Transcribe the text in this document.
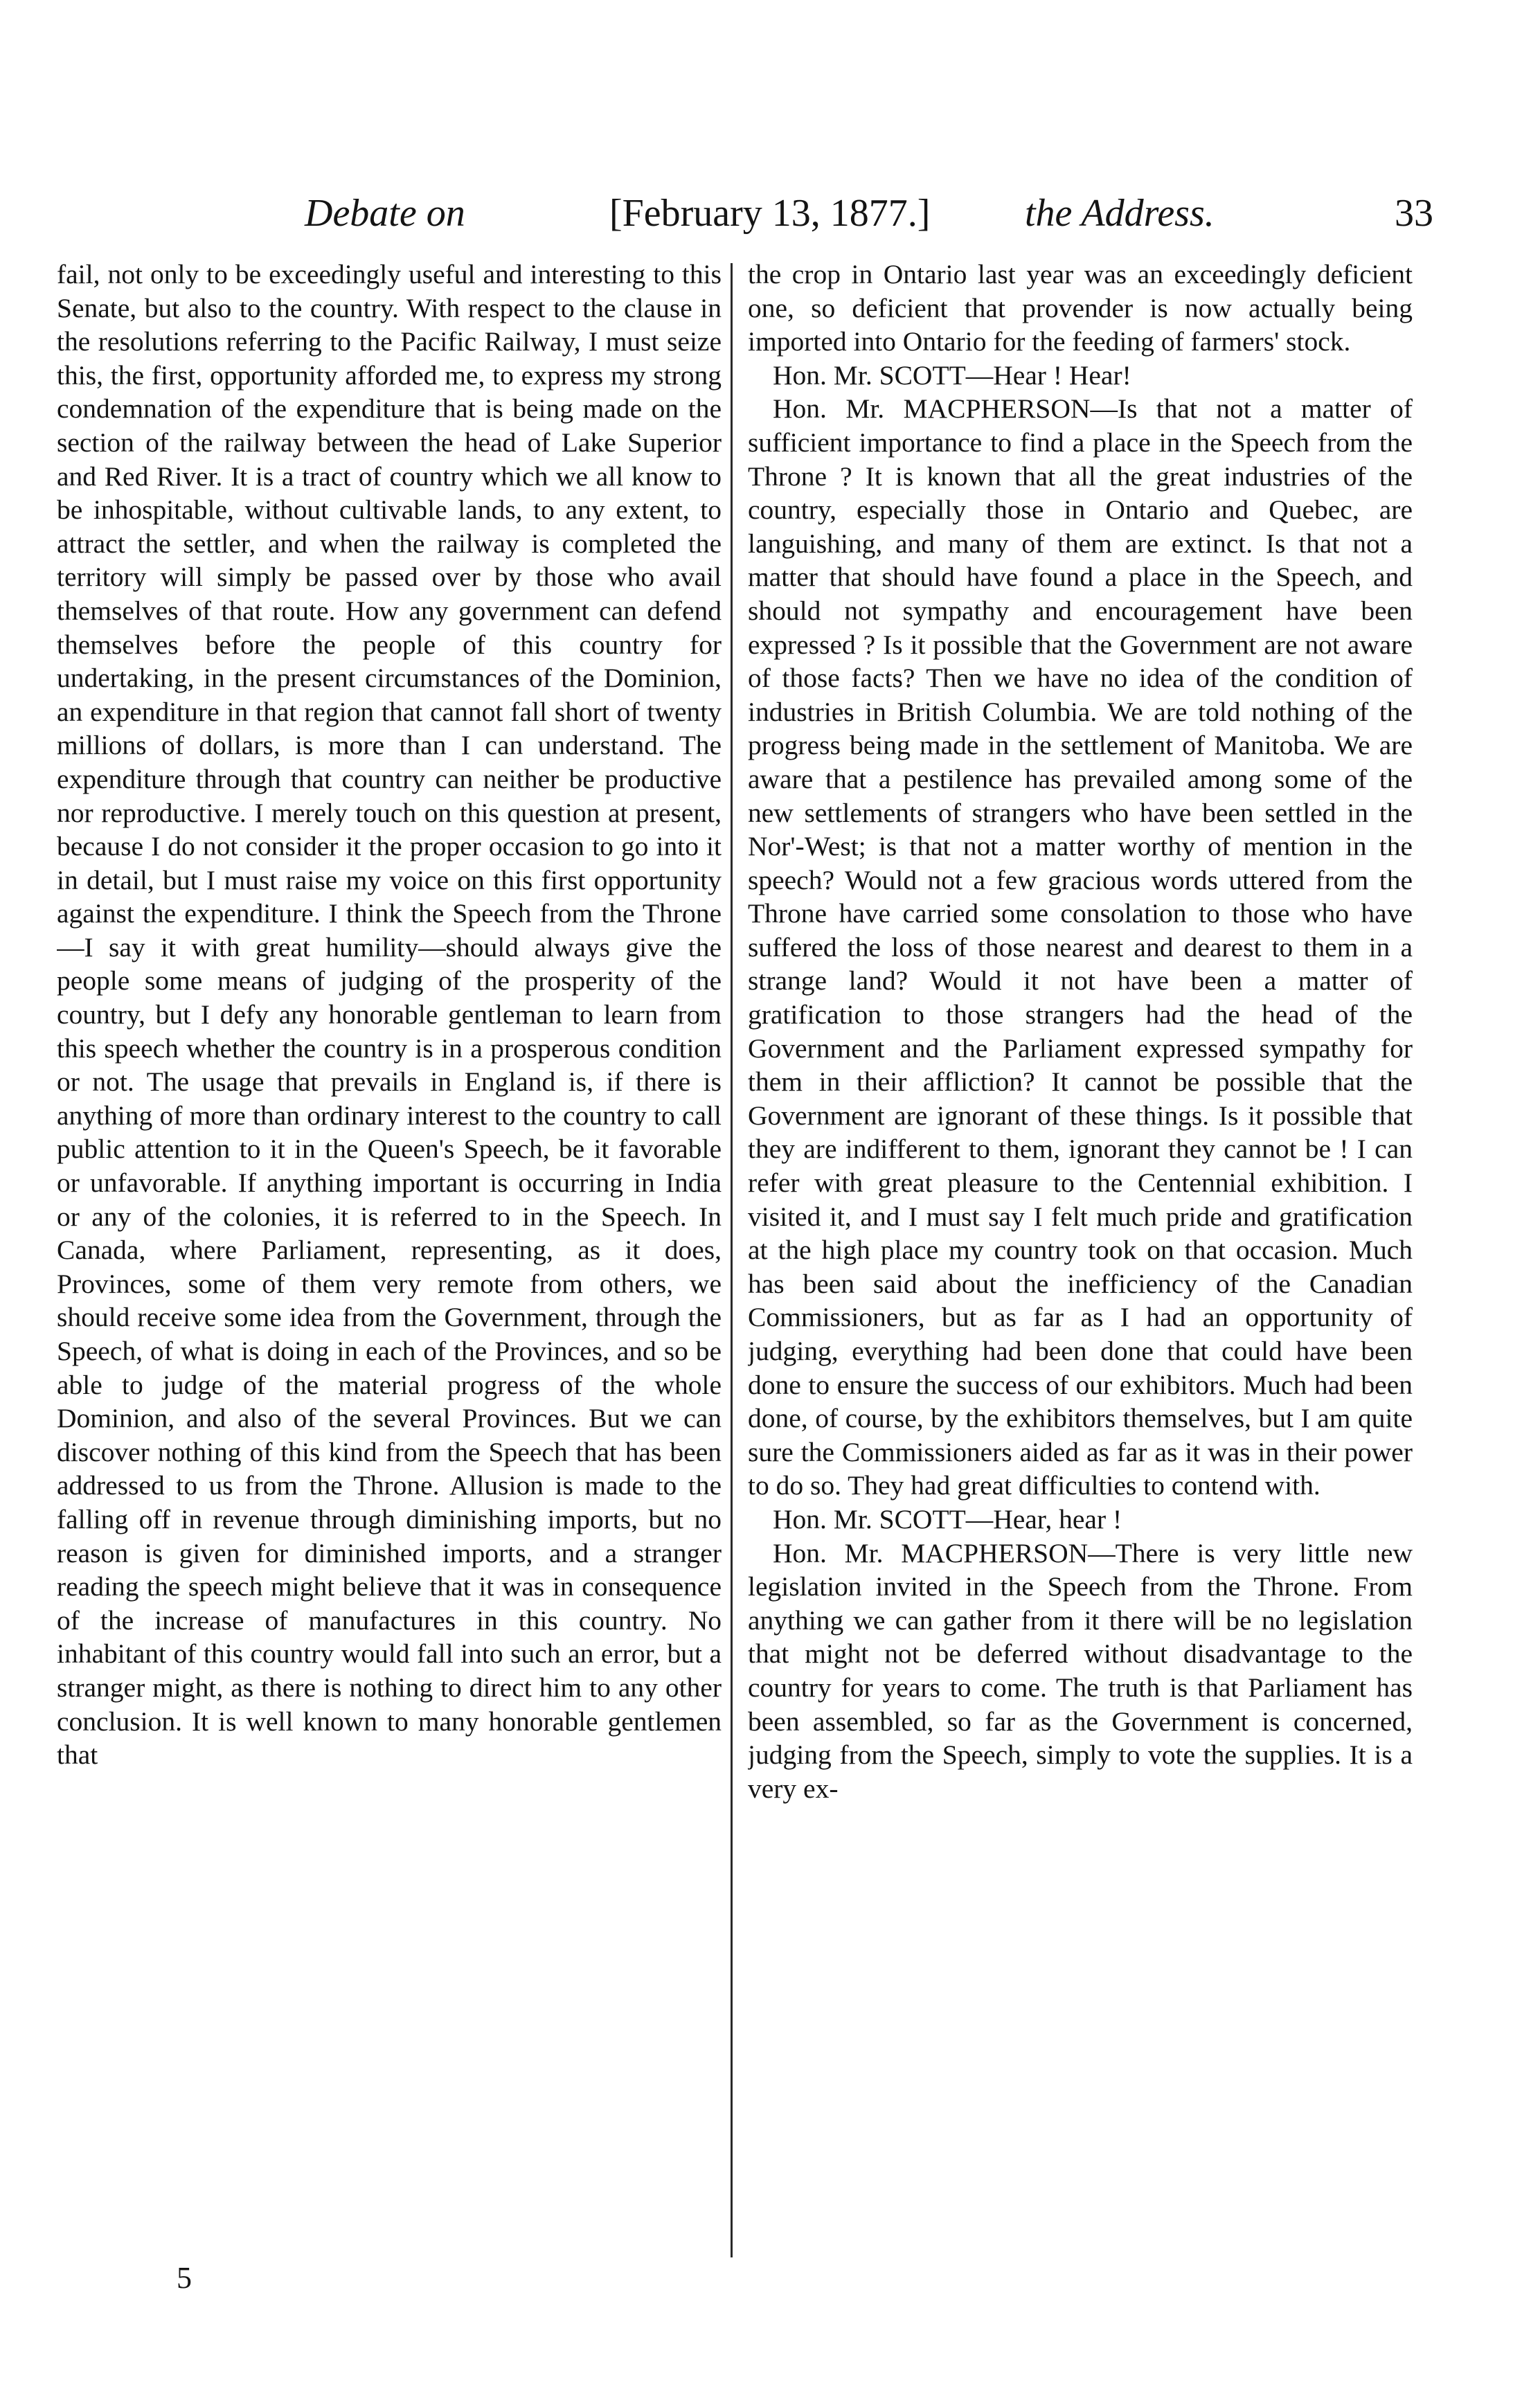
Debate on	[February 13, 1877.] the Address.	33

fail, not only to be exceedingly useful and interesting to this Senate, but also to the country. With respect to the clause in the resolutions referring to the Pacific Railway, I must seize this, the first, opportunity afforded me, to express my strong condemnation of the expenditure that is being made on the section of the railway between the head of Lake Superior and Red River. It is a tract of country which we all know to be inhospitable, without cultivable lands, to any extent, to attract the settler, and when the railway is completed the territory will simply be passed over by those who avail themselves of that route. How any government can defend themselves before the people of this country for undertaking, in the present circumstances of the Dominion, an expenditure in that region that cannot fall short of twenty millions of dollars, is more than I can understand. The expenditure through that country can neither be productive nor reproductive. I merely touch on this question at present, because I do not consider it the proper occasion to go into it in detail, but I must raise my voice on this first opportunity against the expenditure. I think the Speech from the Throne—I say it with great humility—should always give the people some means of judging of the prosperity of the country, but I defy any honorable gentleman to learn from this speech whether the country is in a prosperous condition or not. The usage that prevails in England is, if there is anything of more than ordinary interest to the country to call public attention to it in the Queen's Speech, be it favorable or unfavorable. If anything important is occurring in India or any of the colonies, it is referred to in the Speech. In Canada, where Parliament, representing, as it does, Provinces, some of them very remote from others, we should receive some idea from the Government, through the Speech, of what is doing in each of the Provinces, and so be able to judge of the material progress of the whole Dominion, and also of the several Provinces. But we can discover nothing of this kind from the Speech that has been addressed to us from the Throne. Allusion is made to the falling off in revenue through diminishing imports, but no reason is given for diminished imports, and a stranger reading the speech might believe that it was in consequence of the increase of manufactures in this country. No inhabitant of this country would fall into such an error, but a stranger might, as there is nothing to direct him to any other conclusion. It is well known to many honorable gentlemen that

the crop in Ontario last year was an exceedingly deficient one, so deficient that provender is now actually being imported into Ontario for the feeding of farmers' stock.

Hon. Mr. SCOTT—Hear ! Hear!

Hon. Mr. MACPHERSON—Is that not a matter of sufficient importance to find a place in the Speech from the Throne ? It is known that all the great industries of the country, especially those in Ontario and Quebec, are languishing, and many of them are extinct. Is that not a matter that should have found a place in the Speech, and should not sympathy and encouragement have been expressed ? Is it possible that the Government are not aware of those facts? Then we have no idea of the condition of industries in British Columbia. We are told nothing of the progress being made in the settlement of Manitoba. We are aware that a pestilence has prevailed among some of the new settlements of strangers who have been settled in the Nor'-West; is that not a matter worthy of mention in the speech? Would not a few gracious words uttered from the Throne have carried some consolation to those who have suffered the loss of those nearest and dearest to them in a strange land? Would it not have been a matter of gratification to those strangers had the head of the Government and the Parliament expressed sympathy for them in their affliction? It cannot be possible that the Government are ignorant of these things. Is it possible that they are indifferent to them, ignorant they cannot be ! I can refer with great pleasure to the Centennial exhibition. I visited it, and I must say I felt much pride and gratification at the high place my country took on that occasion. Much has been said about the inefficiency of the Canadian Commissioners, but as far as I had an opportunity of judging, everything had been done that could have been done to ensure the success of our exhibitors. Much had been done, of course, by the exhibitors themselves, but I am quite sure the Commissioners aided as far as it was in their power to do so. They had great difficulties to contend with.

Hon. Mr. SCOTT—Hear, hear !

Hon. Mr. MACPHERSON—There is very little new legislation invited in the Speech from the Throne. From anything we can gather from it there will be no legislation that might not be deferred without disadvantage to the country for years to come. The truth is that Parliament has been assembled, so far as the Government is concerned, judging from the Speech, simply to vote the supplies. It is a very ex-

5
